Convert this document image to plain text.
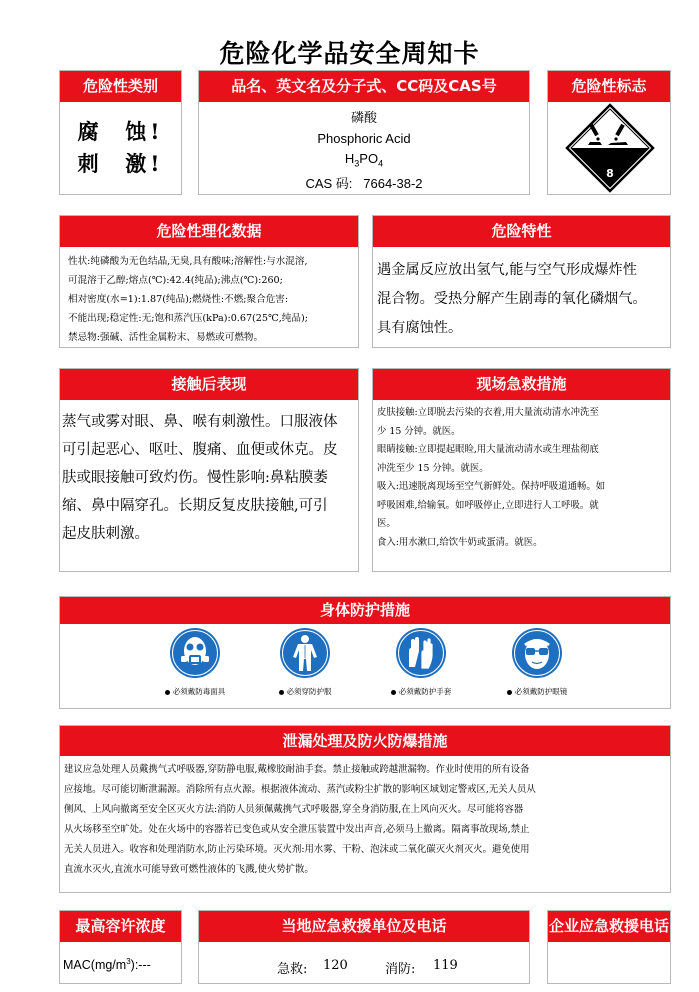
危险化学品安全周知卡
危险性类别
腐  蚀!
刺  激!
品名、英文名及分子式、CC码及CAS号
磷酸
Phosphoric Acid
$H_3PO_4$
CAS 码:   7664-38-2
危险性标志
8
危险性理化数据

性状:纯磷酸为无色结晶,无臭,具有酸味;溶解性:与水混溶,

可混溶于乙醇;熔点(℃):42.4(纯品);沸点(℃):260;

相对密度(水=1):1.87(纯品);燃烧性:不燃;聚合危害:

不能出现;稳定性:无;饱和蒸汽压(kPa):0.67(25℃,纯品);

禁忌物:强碱、活性金属粉末、易燃或可燃物。

危险特性

遇金属反应放出氢气,能与空气形成爆炸性

混合物。受热分解产生剧毒的氧化磷烟气。

具有腐蚀性。

接触后表现

蒸气或雾对眼、鼻、喉有刺激性。口服液体

可引起恶心、呕吐、腹痛、血便或休克。皮

肤或眼接触可致灼伤。慢性影响:鼻粘膜萎

缩、鼻中隔穿孔。长期反复皮肤接触,可引

起皮肤刺激。

现场急救措施

皮肤接触:立即脱去污染的衣着,用大量流动清水冲洗至

少 15 分钟。就医。

眼睛接触:立即提起眼睑,用大量流动清水或生理盐彻底

冲洗至少 15 分钟。就医。

吸入:迅速脱离现场至空气新鲜处。保持呼吸道通畅。如

呼吸困难,给输氧。如呼吸停止,立即进行人工呼吸。就

医。

食入:用水漱口,给饮牛奶或蛋清。就医。

身体防护措施
必须戴防毒面具	必须穿防护服	必须戴防护手套	必须戴防护眼镜
泄漏处理及防火防爆措施

建议应急处理人员戴携气式呼吸器,穿防静电服,戴橡胶耐油手套。禁止接触或跨越泄漏物。作业时使用的所有设备

应接地。尽可能切断泄漏源。消除所有点火源。根据液体流动、蒸汽或粉尘扩散的影响区域划定警戒区,无关人员从

侧风、上风向撤离至安全区灭火方法:消防人员须佩戴携气式呼吸器,穿全身消防服,在上风向灭火。尽可能将容器

从火场移至空旷处。处在火场中的容器若已变色或从安全泄压装置中发出声音,必须马上撤离。隔离事故现场,禁止

无关人员进入。收容和处理消防水,防止污染环境。灭火剂:用水雾、干粉、泡沫或二氧化碳灭火剂灭火。避免使用

直流水灭火,直流水可能导致可燃性液体的飞溅,使火势扩散。

最高容许浓度
$MAC(mg/m^3):---$
当地应急救援单位及电话
急救: 120	消防: 119
企业应急救援电话
